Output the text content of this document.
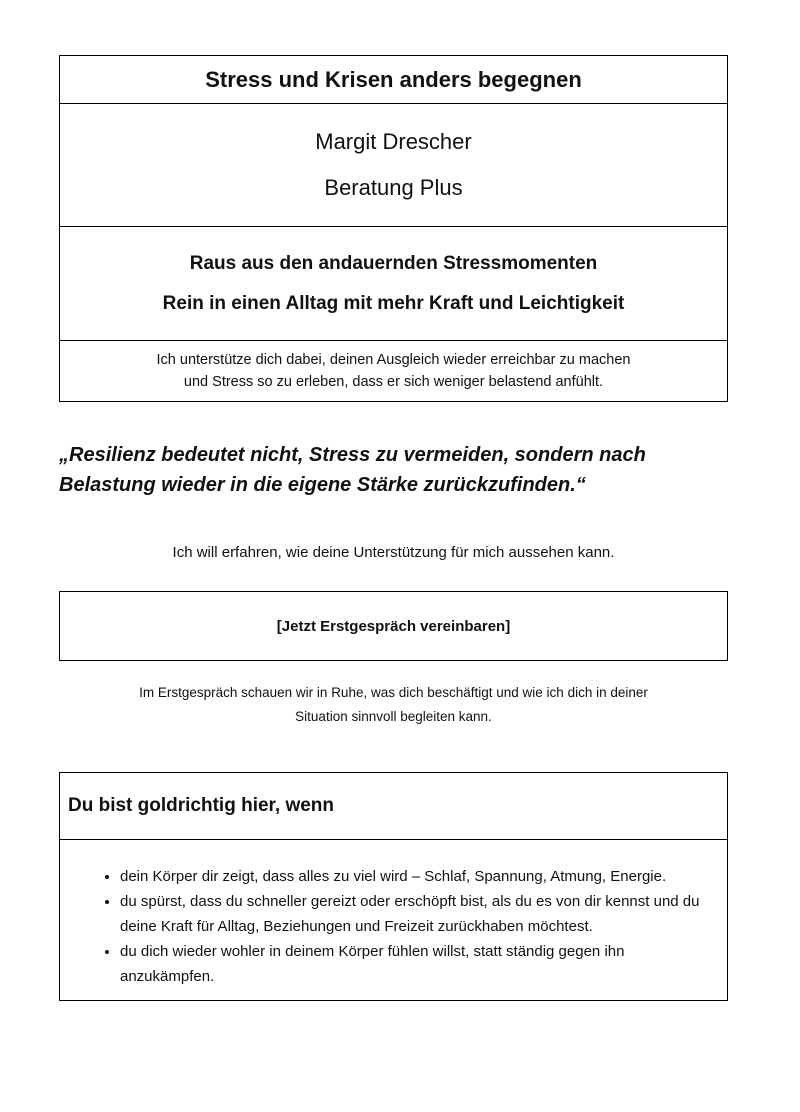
Stress und Krisen anders begegnen
Margit Drescher
Beratung Plus
Raus aus den andauernden Stressmomenten
Rein in einen Alltag mit mehr Kraft und Leichtigkeit
Ich unterstütze dich dabei, deinen Ausgleich wieder erreichbar zu machen
und Stress so zu erleben, dass er sich weniger belastend anfühlt.
„Resilienz bedeutet nicht, Stress zu vermeiden, sondern nach
Belastung wieder in die eigene Stärke zurückzufinden.“
Ich will erfahren, wie deine Unterstützung für mich aussehen kann.
[Jetzt Erstgespräch vereinbaren]
Im Erstgespräch schauen wir in Ruhe, was dich beschäftigt und wie ich dich in deiner
Situation sinnvoll begleiten kann.
Du bist goldrichtig hier, wenn
• dein Körper dir zeigt, dass alles zu viel wird – Schlaf, Spannung, Atmung, Energie.
• du spürst, dass du schneller gereizt oder erschöpft bist, als du es von dir kennst und du deine Kraft für Alltag, Beziehungen und Freizeit zurückhaben möchtest.
• du dich wieder wohler in deinem Körper fühlen willst, statt ständig gegen ihn anzukämpfen.
